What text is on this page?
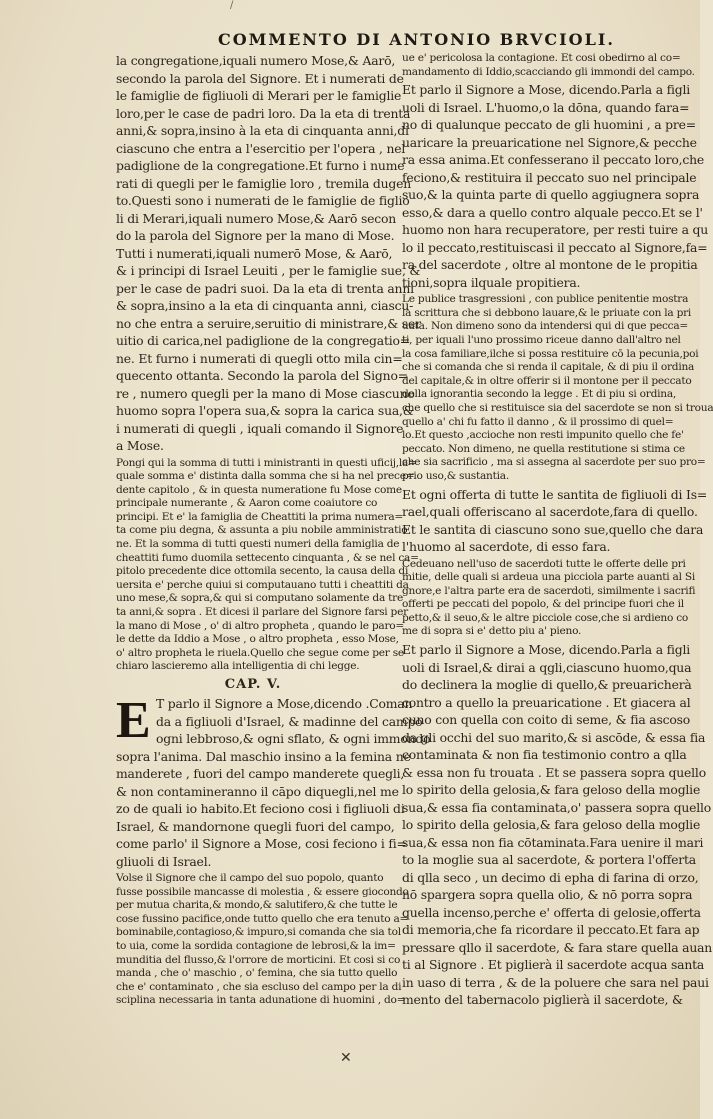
/
COMMENTO DI ANTONIO BRVCIOLI.

la congregatione,iquali numero Mose,& Aarō,

secondo la parola del Signore. Et i numerati de

le famiglie de figliuoli di Merari per le famiglie

loro,per le case de padri loro. Da la eta di trenta

anni,& sopra,insino à la eta di cinquanta anni,di

ciascuno che entra a l'esercitio per l'opera , nel

padiglione de la congregatione.Et furno i nume

rati di quegli per le famiglie loro , tremila dugen

to.Questi sono i numerati de le famiglie de figlio

li di Merari,iquali numero Mose,& Aarō secon

do la parola del Signore per la mano di Mose.

Tutti i numerati,iquali numerō Mose, & Aarō,

& i principi di Israel Leuiti , per le famiglie sue, &

per le case de padri suoi. Da la eta di trenta anni

& sopra,insino a la eta di cinquanta anni, ciascu-

no che entra a seruire,seruitio di ministrare,& ser

uitio di carica,nel padiglione de la congregatio=

ne. Et furno i numerati di quegli otto mila cin=

quecento ottanta. Secondo la parola del Signo=

re , numero quegli per la mano di Mose ciascuno

huomo sopra l'opera sua,& sopra la carica sua,&

i numerati di quegli , iquali comando il Signore

a Mose.

Pongi qui la somma di tutti i ministranti in questi uficij,la=

quale somma e' distinta dalla somma che si ha nel prece=

dente capitolo , & in questa numeratione fu Mose come

principale numerante , & Aaron come coaiutore co

principi. Et e' la famiglia de Cheattiti la prima numera=

ta come piu degna, & assunta a piu nobile amministratio

ne. Et la somma di tutti questi numeri della famiglia de

cheattiti fumo duomila settecento cinquanta , & se nel ca=

pitolo precedente dice ottomila secento, la causa della di

uersita e' perche quiui si computauano tutti i cheattiti da

uno mese,& sopra,& qui si computano solamente da tre

ta anni,& sopra . Et dicesi il parlare del Signore farsi per

la mano di Mose , o' di altro propheta , quando le paro=

le dette da Iddio a Mose , o altro propheta , esso Mose,

o' altro propheta le riuela.Quello che segue come per se

chiaro lascieremo alla intelligentia di chi legge.

CAP. V.
E T parlo il Signore a Mose,dicendo .Coman

da a figliuoli d'Israel, & madinne del campo

ogni lebbroso,& ogni sflato, & ogni immondo

sopra l'anima. Dal maschio insino a la femina ne

manderete , fuori del campo manderete quegli,

& non contamineranno il cāpo diquegli,nel me

zo de quali io habito.Et feciono cosi i figliuoli di

Israel, & mandornone quegli fuori del campo,

come parlo' il Signore a Mose, cosi feciono i fi=

gliuoli di Israel.

Volse il Signore che il campo del suo popolo, quanto

fusse possibile mancasse di molestia , & essere giocondo

per mutua charita,& mondo,& salutifero,& che tutte le

cose fussino pacifice,onde tutto quello che era tenuto a=

bominabile,contagioso,& impuro,si comanda che sia tol

to uia, come la sordida contagione de lebrosi,& la im=

munditia del flusso,& l'orrore de morticini. Et cosi si co

manda , che o' maschio , o' femina, che sia tutto quello

che e' contaminato , che sia escluso del campo per la di

sciplina necessaria in tanta adunatione di huomini , do=

ue e' pericolosa la contagione. Et cosi obedirno al co=

mandamento di Iddio,scacciando gli immondi del campo.

Et parlo il Signore a Mose, dicendo.Parla a figli

uoli di Israel. L'huomo,o la dōna, quando fara=

no di qualunque peccato de gli huomini , a pre=

uaricare la preuaricatione nel Signore,& pecche

ra essa anima.Et confesserano il peccato loro,che

feciono,& restituira il peccato suo nel principale

suo,& la quinta parte di quello aggiugnera sopra

esso,& dara a quello contro alquale pecco.Et se l'

huomo non hara recuperatore, per resti tuire a qu

lo il peccato,restituiscasi il peccato al Signore,fa=

ra del sacerdote , oltre al montone de le propitia

tioni,sopra ilquale propitiera.

Le publice trasgressioni , con publice penitentie mostra

la scrittura che si debbono lauare,& le priuate con la pri

uata. Non dimeno sono da intendersi qui di que pecca=

ti, per iquali l'uno prossimo riceue danno dall'altro nel

la cosa familiare,ilche si possa restituire cō la pecunia,poi

che si comanda che si renda il capitale, & di piu il ordina

del capitale,& in oltre offerir si il montone per il peccato

della ignorantia secondo la legge . Et di piu si ordina,

che quello che si restituisce sia del sacerdote se non si troua

quello a' chi fu fatto il danno , & il prossimo di quel=

lo.Et questo ,accioche non resti impunito quello che fe'

peccato. Non dimeno, ne quella restitutione si stima ce

che sia sacrificio , ma si assegna al sacerdote per suo pro=

prio uso,& sustantia.

Et ogni offerta di tutte le santita de figliuoli di Is=

rael,quali offeriscano al sacerdote,fara di quello.

Et le santita di ciascuno sono sue,quello che dara

l'huomo al sacerdote, di esso fara.

Cedeuano nell'uso de sacerdoti tutte le offerte delle pri

mitie, delle quali si ardeua una picciola parte auanti al Si

gnore,e l'altra parte era de sacerdoti, similmente i sacrifi

offerti pe peccati del popolo, & del principe fuori che il

petto,& il seuo,& le altre picciole cose,che si ardieno co

me di sopra si e' detto piu a' pieno.

Et parlo il Signore a Mose, dicendo.Parla a figli

uoli di Israel,& dirai a qgli,ciascuno huomo,qua

do declinera la moglie di quello,& preuaricherà

contro a quello la preuaricatione . Et giacera al

cuno con quella con coito di seme, & fia ascoso

da gli occhi del suo marito,& si ascōde, & essa fia

contaminata & non fia testimonio contro a qlla

& essa non fu trouata . Et se passera sopra quello

lo spirito della gelosia,& fara geloso della moglie

sua,& essa fia contaminata,o' passera sopra quello

lo spirito della gelosia,& fara geloso della moglie

sua,& essa non fia cōtaminata.Fara uenire il mari

to la moglie sua al sacerdote, & portera l'offerta

di qlla seco , un decimo di epha di farina di orzo,

nō spargera sopra quella olio, & nō porra sopra

quella incenso,perche e' offerta di gelosie,offerta

di memoria,che fa ricordare il peccato.Et fara ap

pressare qllo il sacerdote, & fara stare quella auan

ti al Signore . Et piglierà il sacerdote acqua santa

in uaso di terra , & de la poluere che sara nel paui

mento del tabernacolo piglierà il sacerdote, &

✕
